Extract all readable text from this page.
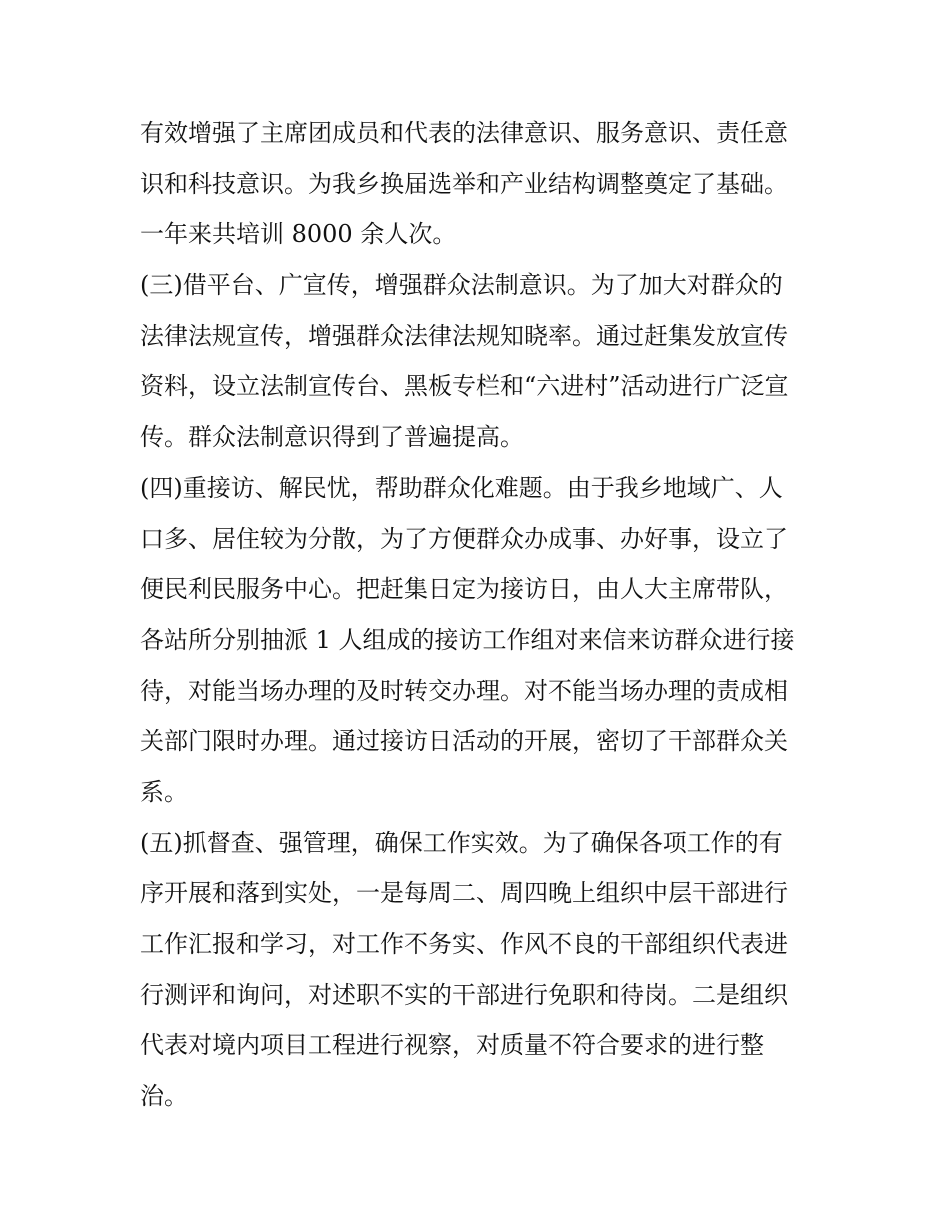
有效增强了主席团成员和代表的法律意识、服务意识、责任意
识和科技意识。为我乡换届选举和产业结构调整奠定了基础。
一年来共培训 8000 余人次。
(三)借平台、广宣传，增强群众法制意识。为了加大对群众的
法律法规宣传，增强群众法律法规知晓率。通过赶集发放宣传
资料，设立法制宣传台、黑板专栏和“六进村”活动进行广泛宣
传。群众法制意识得到了普遍提高。
(四)重接访、解民忧，帮助群众化难题。由于我乡地域广、人
口多、居住较为分散，为了方便群众办成事、办好事，设立了
便民利民服务中心。把赶集日定为接访日，由人大主席带队，
各站所分别抽派 1 人组成的接访工作组对来信来访群众进行接
待，对能当场办理的及时转交办理。对不能当场办理的责成相
关部门限时办理。通过接访日活动的开展，密切了干部群众关
系。
(五)抓督查、强管理，确保工作实效。为了确保各项工作的有
序开展和落到实处，一是每周二、周四晚上组织中层干部进行
工作汇报和学习，对工作不务实、作风不良的干部组织代表进
行测评和询问，对述职不实的干部进行免职和待岗。二是组织
代表对境内项目工程进行视察，对质量不符合要求的进行整
治。
